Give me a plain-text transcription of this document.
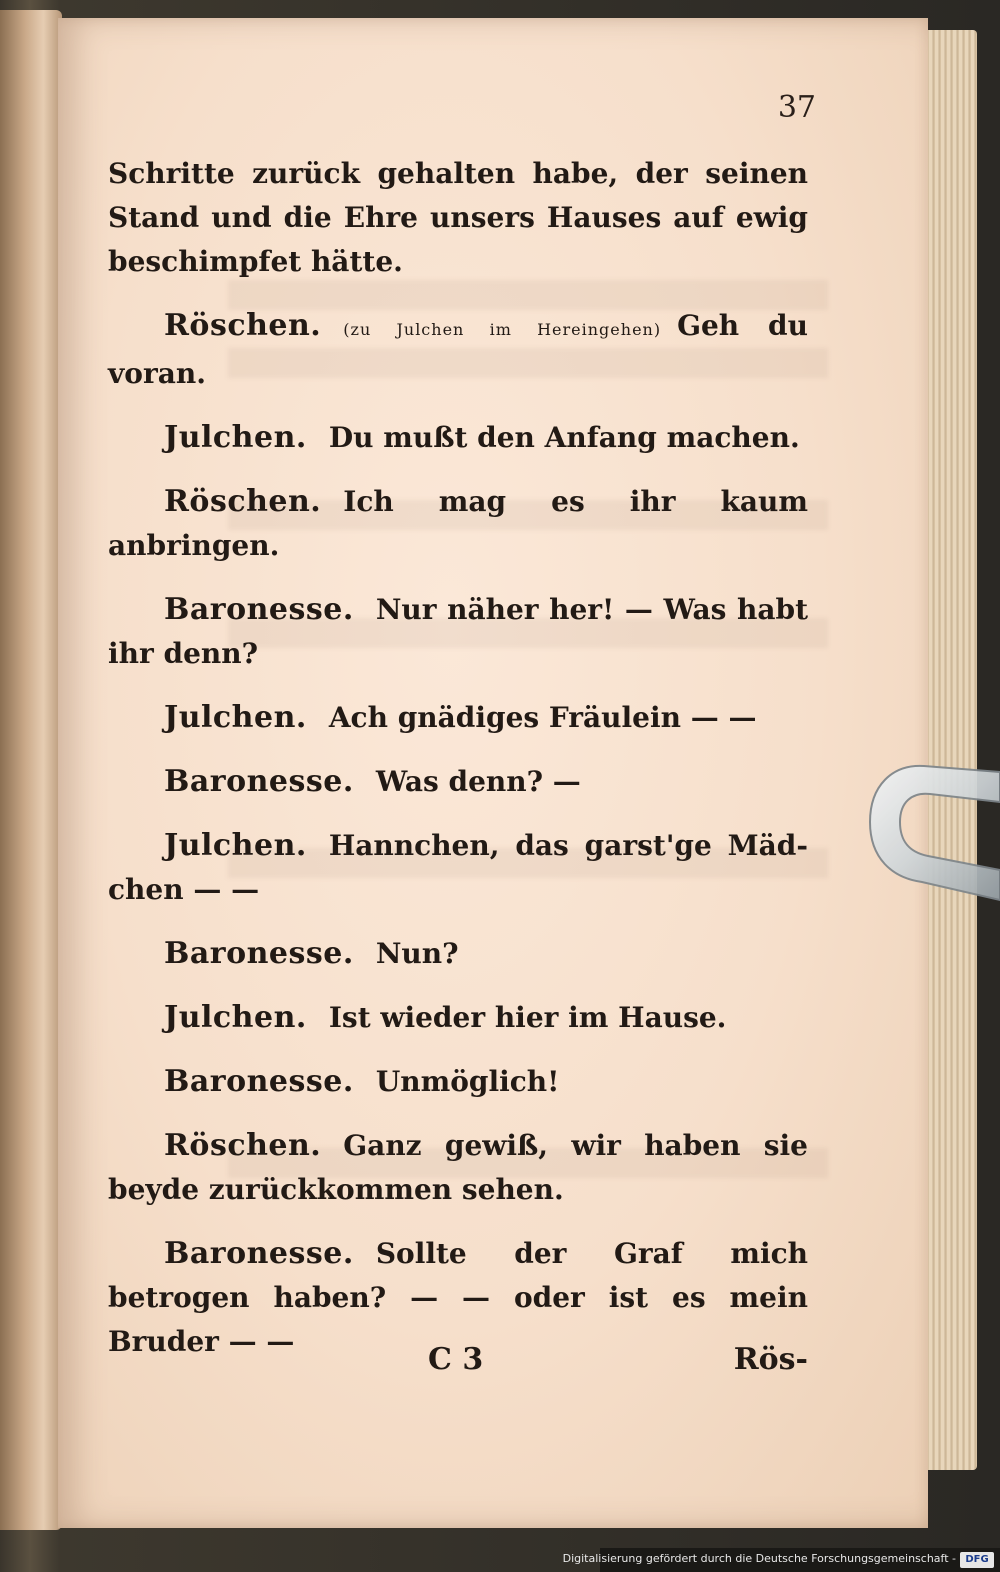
37

Schritte zurück gehalten habe, der seinen Stand und die Ehre unsers Hauses auf ewig beschimpfet hätte.

Röschen. (zu Julchen im Hereingehen) Geh du voran.

Julchen. Du mußt den Anfang machen.

Röschen. Ich mag es ihr kaum anbringen.

Baronesse. Nur näher her! — Was habt ihr denn?

Julchen. Ach gnädiges Fräulein — —

Baronesse. Was denn? —

Julchen. Hannchen, das garst'ge Mädchen — —

Baronesse. Nun?

Julchen. Ist wieder hier im Hause.

Baronesse. Unmöglich!

Röschen. Ganz gewiß, wir haben sie beyde zurückkommen sehen.

Baronesse. Sollte der Graf mich betrogen haben? — — oder ist es mein Bruder — —

C 3	Rös-
Digitalisierung gefördert durch die Deutsche Forschungsgemeinschaft - DFG
